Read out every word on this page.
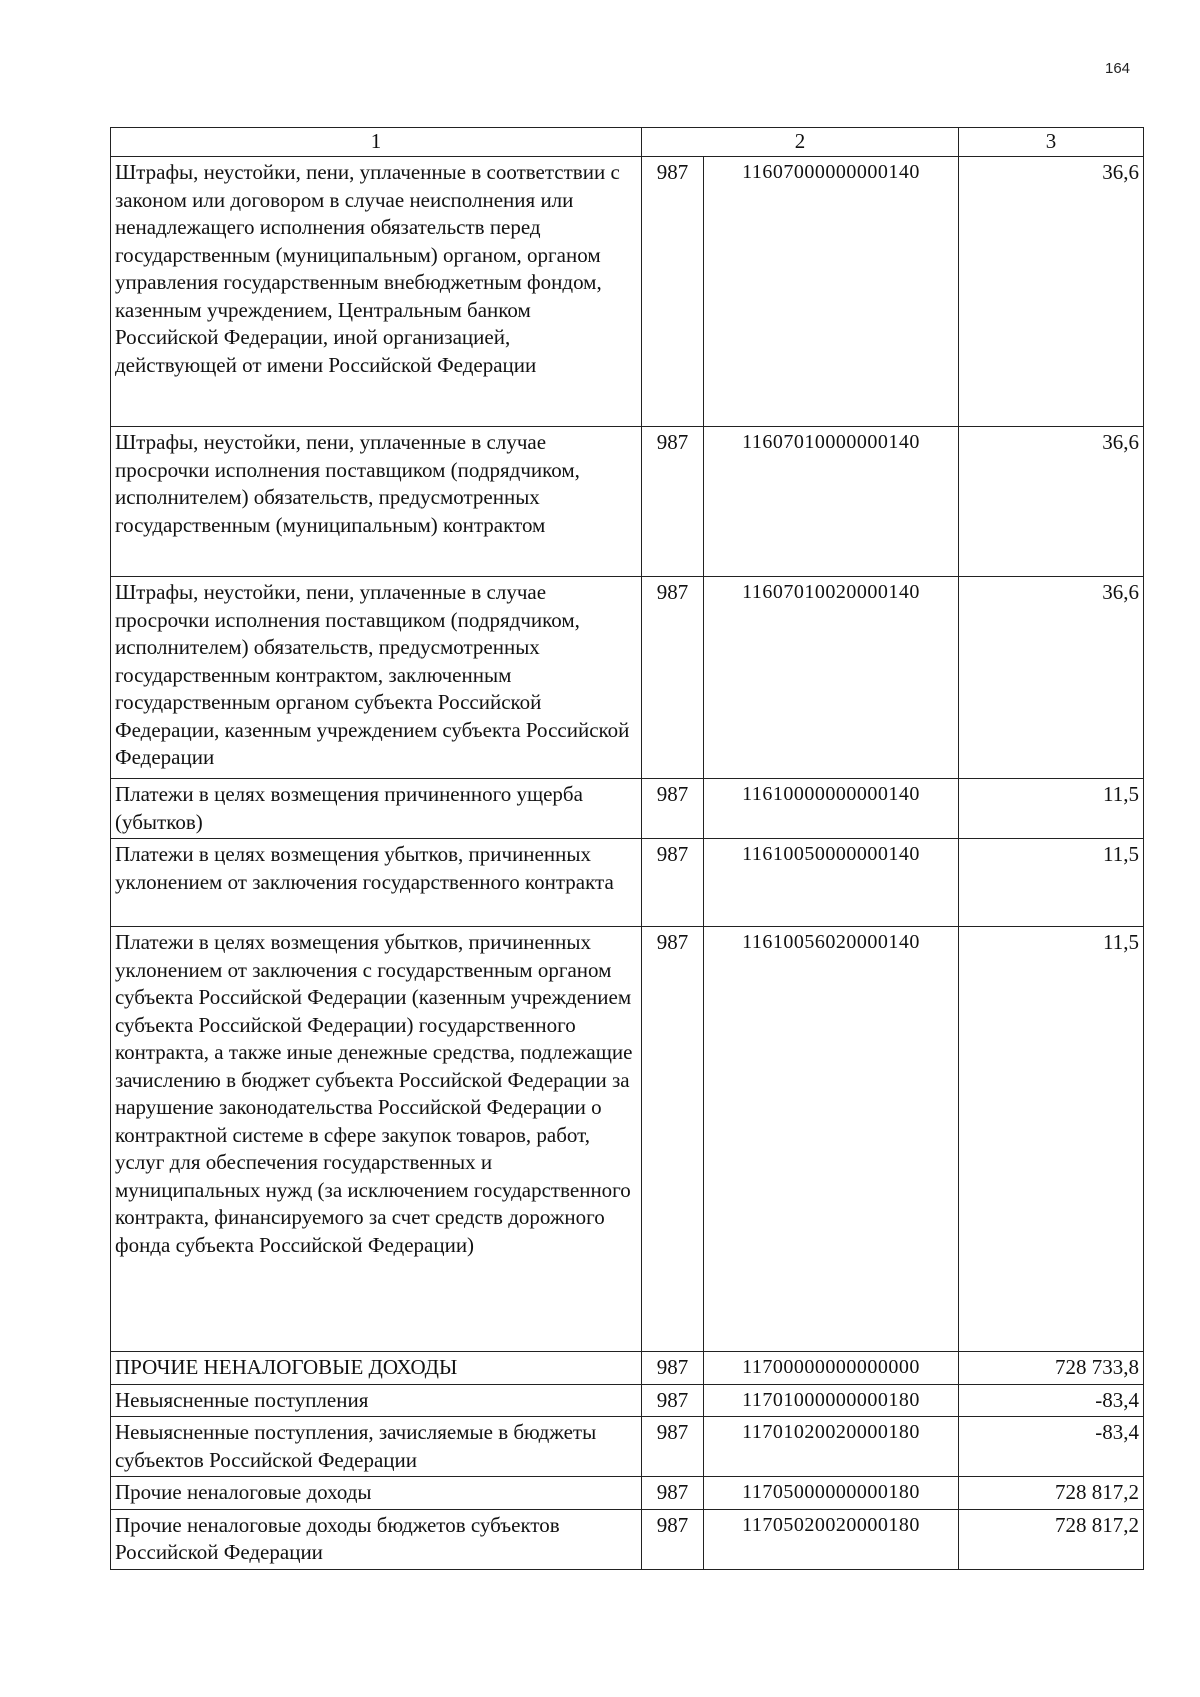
164
1	2		3
Штрафы, неустойки, пени, уплаченные в соответствии с законом или договором в случае неисполнения или ненадлежащего исполнения обязательств перед государственным (муниципальным) органом, органом управления государственным внебюджетным фондом, казенным учреждением, Центральным банком Российской Федерации, иной организацией, действующей от имени Российской Федерации	987	11607000000000140	36,6
Штрафы, неустойки, пени, уплаченные в случае просрочки исполнения поставщиком (подрядчиком, исполнителем) обязательств, предусмотренных государственным (муниципальным) контрактом	987	11607010000000140	36,6
Штрафы, неустойки, пени, уплаченные в случае просрочки исполнения поставщиком (подрядчиком, исполнителем) обязательств, предусмотренных государственным контрактом, заключенным государственным органом субъекта Российской Федерации, казенным учреждением субъекта Российской Федерации	987	11607010020000140	36,6
Платежи в целях возмещения причиненного ущерба (убытков)	987	11610000000000140	11,5
Платежи в целях возмещения убытков, причиненных уклонением от заключения государственного контракта	987	11610050000000140	11,5
Платежи в целях возмещения убытков, причиненных уклонением от заключения с государственным органом субъекта Российской Федерации (казенным учреждением субъекта Российской Федерации) государственного контракта, а также иные денежные средства, подлежащие зачислению в бюджет субъекта Российской Федерации за нарушение законодательства Российской Федерации о контрактной системе в сфере закупок товаров, работ, услуг для обеспечения государственных и муниципальных нужд (за исключением государственного контракта, финансируемого за счет средств дорожного фонда субъекта Российской Федерации)	987	11610056020000140	11,5
ПРОЧИЕ НЕНАЛОГОВЫЕ ДОХОДЫ	987	11700000000000000	728 733,8
Невыясненные поступления	987	11701000000000180	-83,4
Невыясненные поступления, зачисляемые в бюджеты субъектов Российской Федерации	987	11701020020000180	-83,4
Прочие неналоговые доходы	987	11705000000000180	728 817,2
Прочие неналоговые доходы бюджетов субъектов Российской Федерации	987	11705020020000180	728 817,2
